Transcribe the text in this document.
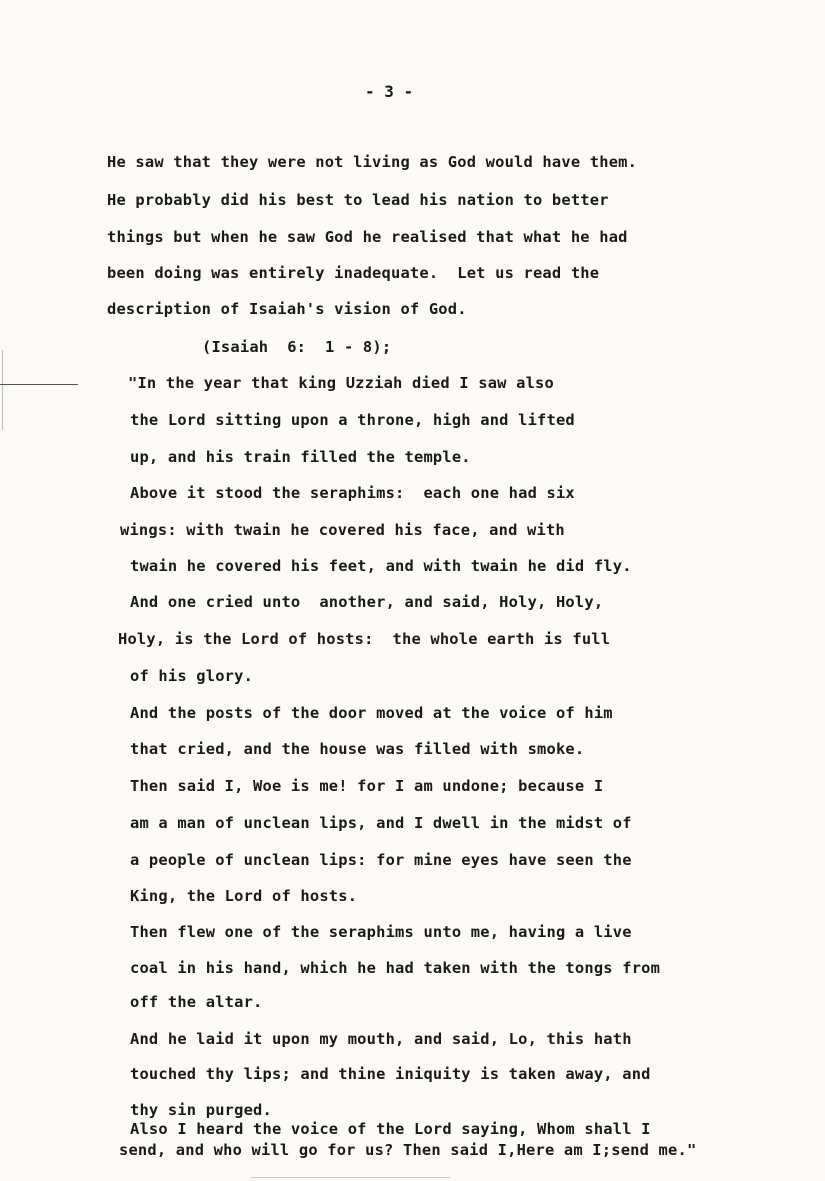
- 3 -
He saw that they were not living as God would have them.
He probably did his best to lead his nation to better
things but when he saw God he realised that what he had
been doing was entirely inadequate.  Let us read the
description of Isaiah's vision of God.
(Isaiah  6:  1 - 8);
"In the year that king Uzziah died I saw also
the Lord sitting upon a throne, high and lifted
up, and his train filled the temple.
Above it stood the seraphims:  each one had six
wings: with twain he covered his face, and with
twain he covered his feet, and with twain he did fly.
And one cried unto  another, and said, Holy, Holy,
Holy, is the Lord of hosts:  the whole earth is full
of his glory.
And the posts of the door moved at the voice of him
that cried, and the house was filled with smoke.
Then said I, Woe is me! for I am undone; because I
am a man of unclean lips, and I dwell in the midst of
a people of unclean lips: for mine eyes have seen the
King, the Lord of hosts.
Then flew one of the seraphims unto me, having a live
coal in his hand, which he had taken with the tongs from
off the altar.
And he laid it upon my mouth, and said, Lo, this hath
touched thy lips; and thine iniquity is taken away, and
thy sin purged.
Also I heard the voice of the Lord saying, Whom shall I
send, and who will go for us? Then said I,Here am I;send me."
